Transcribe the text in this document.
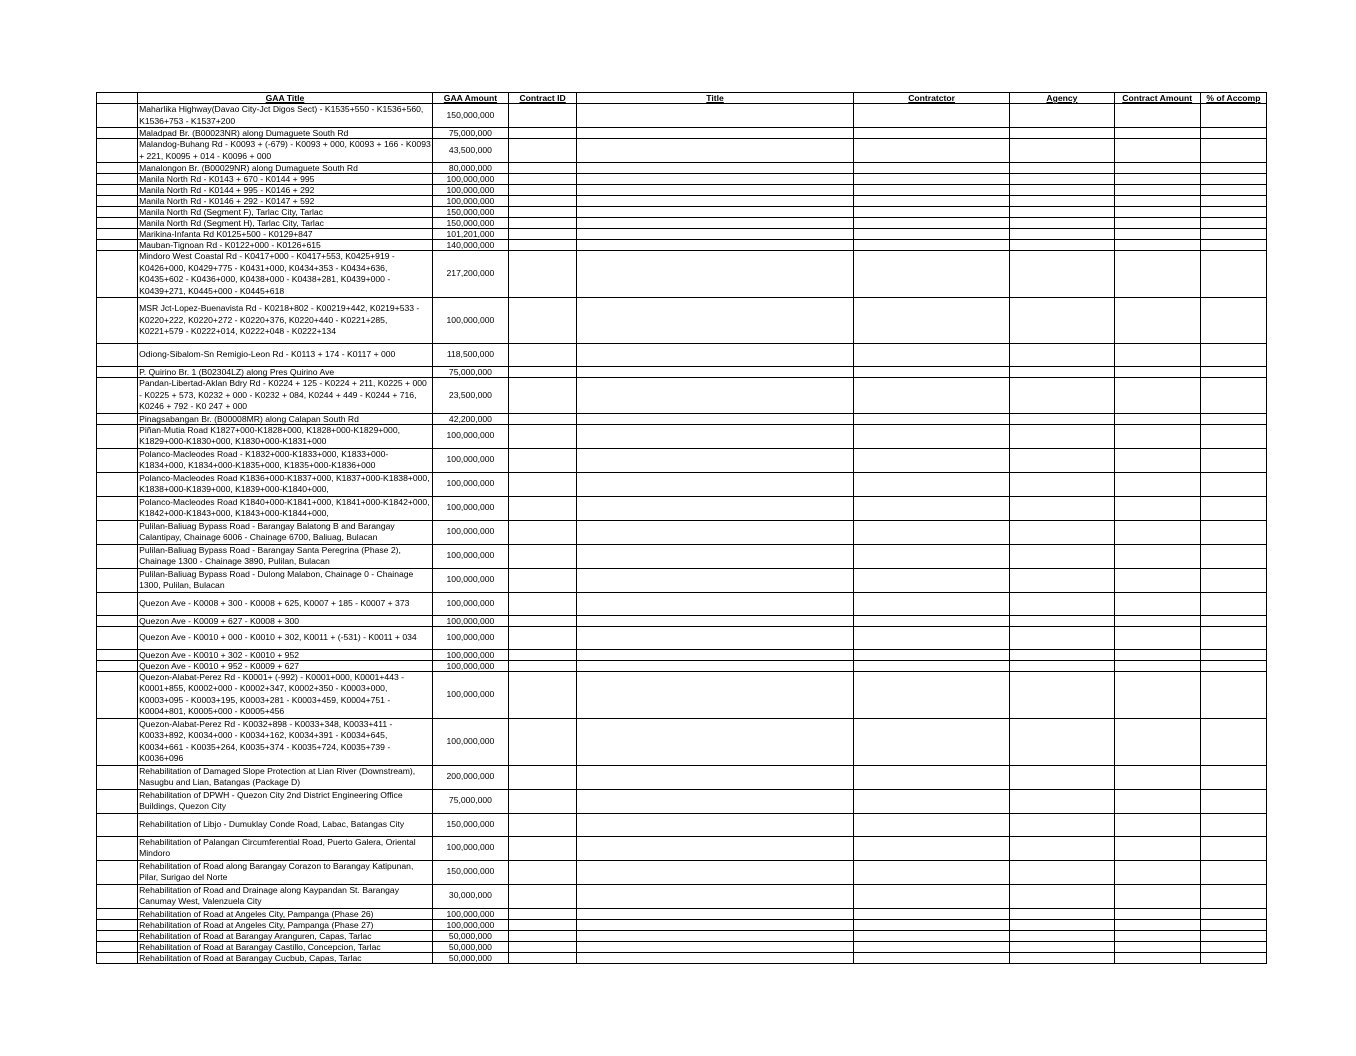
	GAA Title	GAA Amount	Contract ID	Title	Contratctor	Agency	Contract Amount	% of Accomp
	Maharlika Highway(Davao City-Jct Digos Sect) - K1535+550 - K1536+560, K1536+753 - K1537+200	150,000,000						
	Maladpad Br. (B00023NR) along Dumaguete South Rd	75,000,000						
	Malandog-Buhang Rd - K0093 + (-679) - K0093 + 000, K0093 + 166 - K0093 + 221, K0095 + 014 - K0096 + 000	43,500,000						
	Manalongon Br. (B00029NR) along Dumaguete South Rd	80,000,000						
	Manila North Rd - K0143 + 670 - K0144 + 995	100,000,000						
	Manila North Rd - K0144 + 995 - K0146 + 292	100,000,000						
	Manila North Rd - K0146 + 292 - K0147 + 592	100,000,000						
	Manila North Rd (Segment F), Tarlac City, Tarlac	150,000,000						
	Manila North Rd (Segment H), Tarlac City, Tarlac	150,000,000						
	Marikina-Infanta Rd K0125+500 - K0129+847	101,201,000						
	Mauban-Tignoan Rd - K0122+000 - K0126+615	140,000,000						
	Mindoro West Coastal Rd - K0417+000 - K0417+553, K0425+919 - K0426+000, K0429+775 - K0431+000, K0434+353 - K0434+636, K0435+602 - K0436+000, K0438+000 - K0438+281, K0439+000 - K0439+271, K0445+000 - K0445+618	217,200,000						
	MSR Jct-Lopez-Buenavista Rd - K0218+802 - K00219+442, K0219+533 - K0220+222, K0220+272 - K0220+376, K0220+440 - K0221+285, K0221+579 - K0222+014, K0222+048 - K0222+134	100,000,000						
	Odiong-Sibalom-Sn Remigio-Leon Rd - K0113 + 174 - K0117 + 000	118,500,000						
	P. Quirino Br. 1 (B02304LZ) along Pres Quirino Ave	75,000,000						
	Pandan-Libertad-Aklan Bdry Rd - K0224 + 125 - K0224 + 211, K0225 + 000 - K0225 + 573, K0232 + 000 - K0232 + 084, K0244 + 449 - K0244 + 716, K0246 + 792 - K0 247 + 000	23,500,000						
	Pinagsabangan Br. (B00008MR) along Calapan South Rd	42,200,000						
	Piñan-Mutia Road K1827+000-K1828+000, K1828+000-K1829+000, K1829+000-K1830+000, K1830+000-K1831+000	100,000,000						
	Polanco-Macleodes Road - K1832+000-K1833+000, K1833+000-K1834+000, K1834+000-K1835+000, K1835+000-K1836+000	100,000,000						
	Polanco-Macleodes Road K1836+000-K1837+000, K1837+000-K1838+000, K1838+000-K1839+000, K1839+000-K1840+000,	100,000,000						
	Polanco-Macleodes Road K1840+000-K1841+000, K1841+000-K1842+000, K1842+000-K1843+000, K1843+000-K1844+000,	100,000,000						
	Pulilan-Baliuag Bypass Road - Barangay Balatong B and Barangay Calantipay, Chainage 6006 - Chainage 6700, Baliuag, Bulacan	100,000,000						
	Pulilan-Baliuag Bypass Road - Barangay Santa Peregrina (Phase 2), Chainage 1300 - Chainage 3890, Pulilan, Bulacan	100,000,000						
	Pulilan-Baliuag Bypass Road - Dulong Malabon, Chainage 0 - Chainage 1300, Pulilan, Bulacan	100,000,000						
	Quezon Ave - K0008 + 300 - K0008 + 625, K0007 + 185 - K0007 + 373	100,000,000						
	Quezon Ave - K0009 + 627 - K0008 + 300	100,000,000						
	Quezon Ave - K0010 + 000 - K0010 + 302, K0011 + (-531) - K0011 + 034	100,000,000						
	Quezon Ave - K0010 + 302 - K0010 + 952	100,000,000						
	Quezon Ave - K0010 + 952 - K0009 + 627	100,000,000						
	Quezon-Alabat-Perez Rd - K0001+ (-992) - K0001+000, K0001+443 - K0001+855, K0002+000 - K0002+347, K0002+350 - K0003+000, K0003+095 - K0003+195, K0003+281 - K0003+459, K0004+751 - K0004+801, K0005+000 - K0005+456	100,000,000						
	Quezon-Alabat-Perez Rd - K0032+898 - K0033+348, K0033+411 - K0033+892, K0034+000 - K0034+162, K0034+391 - K0034+645, K0034+661 - K0035+264, K0035+374 - K0035+724, K0035+739 - K0036+096	100,000,000						
	Rehabilitation of Damaged Slope Protection at Lian River (Downstream), Nasugbu and Lian, Batangas (Package D)	200,000,000						
	Rehabilitation of DPWH - Quezon City 2nd District Engineering Office Buildings, Quezon City	75,000,000						
	Rehabilitation of Libjo - Dumuklay Conde Road, Labac, Batangas City	150,000,000						
	Rehabilitation of Palangan Circumferential Road, Puerto Galera, Oriental Mindoro	100,000,000						
	Rehabilitation of Road along Barangay Corazon to Barangay Katipunan, Pilar, Surigao del Norte	150,000,000						
	Rehabilitation of Road and Drainage along Kaypandan St. Barangay Canumay West, Valenzuela City	30,000,000						
	Rehabilitation of Road at Angeles City, Pampanga (Phase 26)	100,000,000						
	Rehabilitation of Road at Angeles City, Pampanga (Phase 27)	100,000,000						
	Rehabilitation of Road at Barangay Aranguren, Capas, Tarlac	50,000,000						
	Rehabilitation of Road at Barangay Castillo, Concepcion, Tarlac	50,000,000						
	Rehabilitation of Road at Barangay Cucbub, Capas, Tarlac	50,000,000						
